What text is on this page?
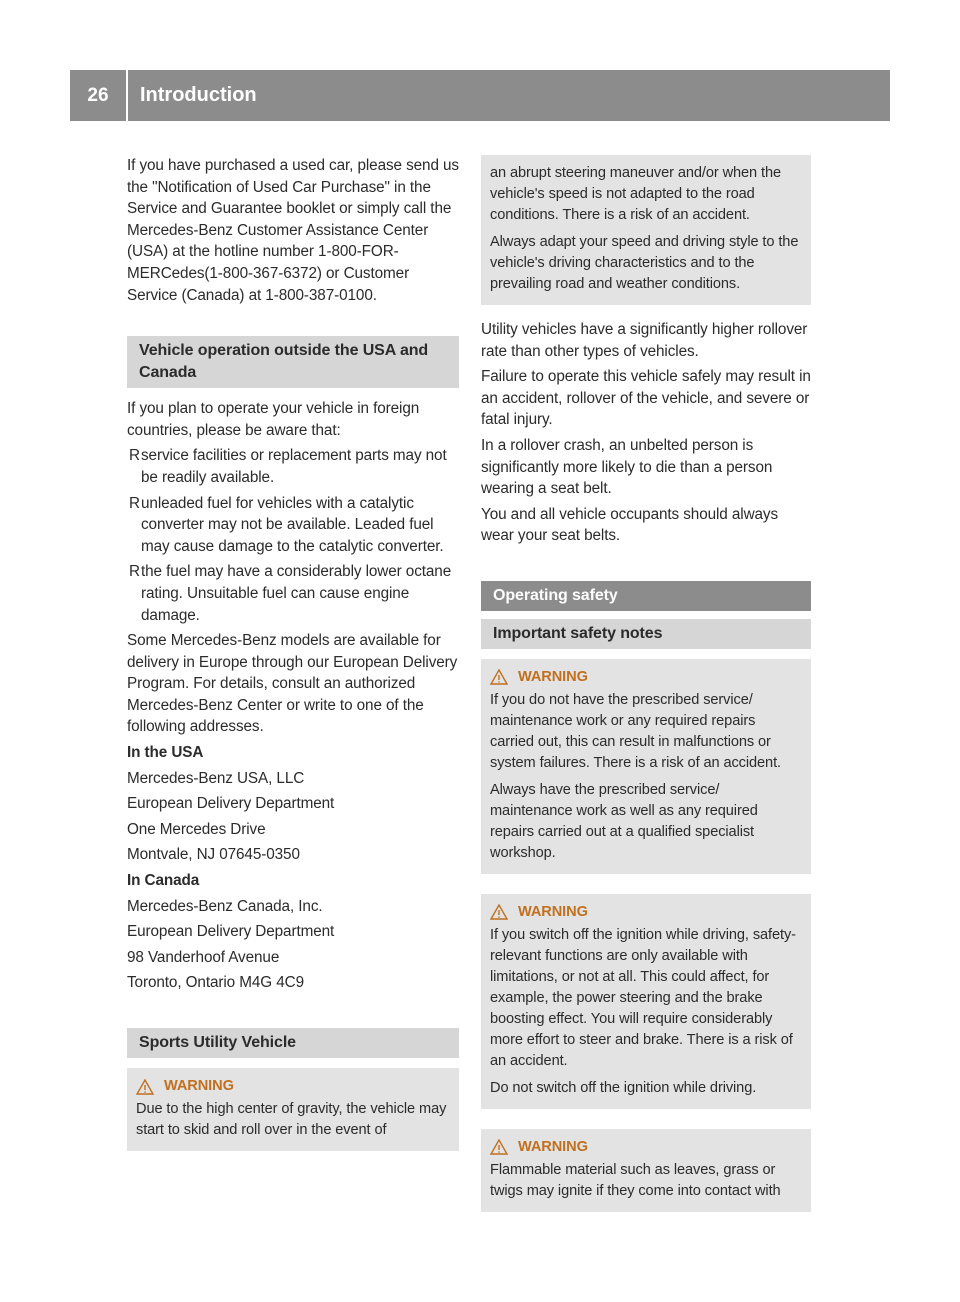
26	Introduction

If you have purchased a used car, please send us the "Notification of Used Car Purchase" in the Service and Guarantee booklet or simply call the Mercedes-Benz Customer Assistance Center (USA) at the hotline number 1-800-FOR-MERCedes(1-800-367-6372) or Customer Service (Canada) at 1-800-387-0100.

Vehicle operation outside the USA and Canada

If you plan to operate your vehicle in foreign countries, please be aware that:

R service facilities or replacement parts may not be readily available.
R unleaded fuel for vehicles with a catalytic converter may not be available. Leaded fuel may cause damage to the catalytic converter.
R the fuel may have a considerably lower octane rating. Unsuitable fuel can cause engine damage.

Some Mercedes-Benz models are available for delivery in Europe through our European Delivery Program. For details, consult an authorized Mercedes-Benz Center or write to one of the following addresses.

In the USA

Mercedes-Benz USA, LLC

European Delivery Department

One Mercedes Drive

Montvale, NJ 07645-0350

In Canada

Mercedes-Benz Canada, Inc.

European Delivery Department

98 Vanderhoof Avenue

Toronto, Ontario M4G 4C9

Sports Utility Vehicle
WARNING

Due to the high center of gravity, the vehicle may start to skid and roll over in the event of

an abrupt steering maneuver and/or when the vehicle's speed is not adapted to the road conditions. There is a risk of an accident.

Always adapt your speed and driving style to the vehicle's driving characteristics and to the prevailing road and weather conditions.

Utility vehicles have a significantly higher rollover rate than other types of vehicles.

Failure to operate this vehicle safely may result in an accident, rollover of the vehicle, and severe or fatal injury.

In a rollover crash, an unbelted person is significantly more likely to die than a person wearing a seat belt.

You and all vehicle occupants should always wear your seat belts.

Operating safety
Important safety notes
WARNING

If you do not have the prescribed service/ maintenance work or any required repairs carried out, this can result in malfunctions or system failures. There is a risk of an accident.

Always have the prescribed service/ maintenance work as well as any required repairs carried out at a qualified specialist workshop.

WARNING

If you switch off the ignition while driving, safety-relevant functions are only available with limitations, or not at all. This could affect, for example, the power steering and the brake boosting effect. You will require considerably more effort to steer and brake. There is a risk of an accident.

Do not switch off the ignition while driving.

WARNING

Flammable material such as leaves, grass or twigs may ignite if they come into contact with
